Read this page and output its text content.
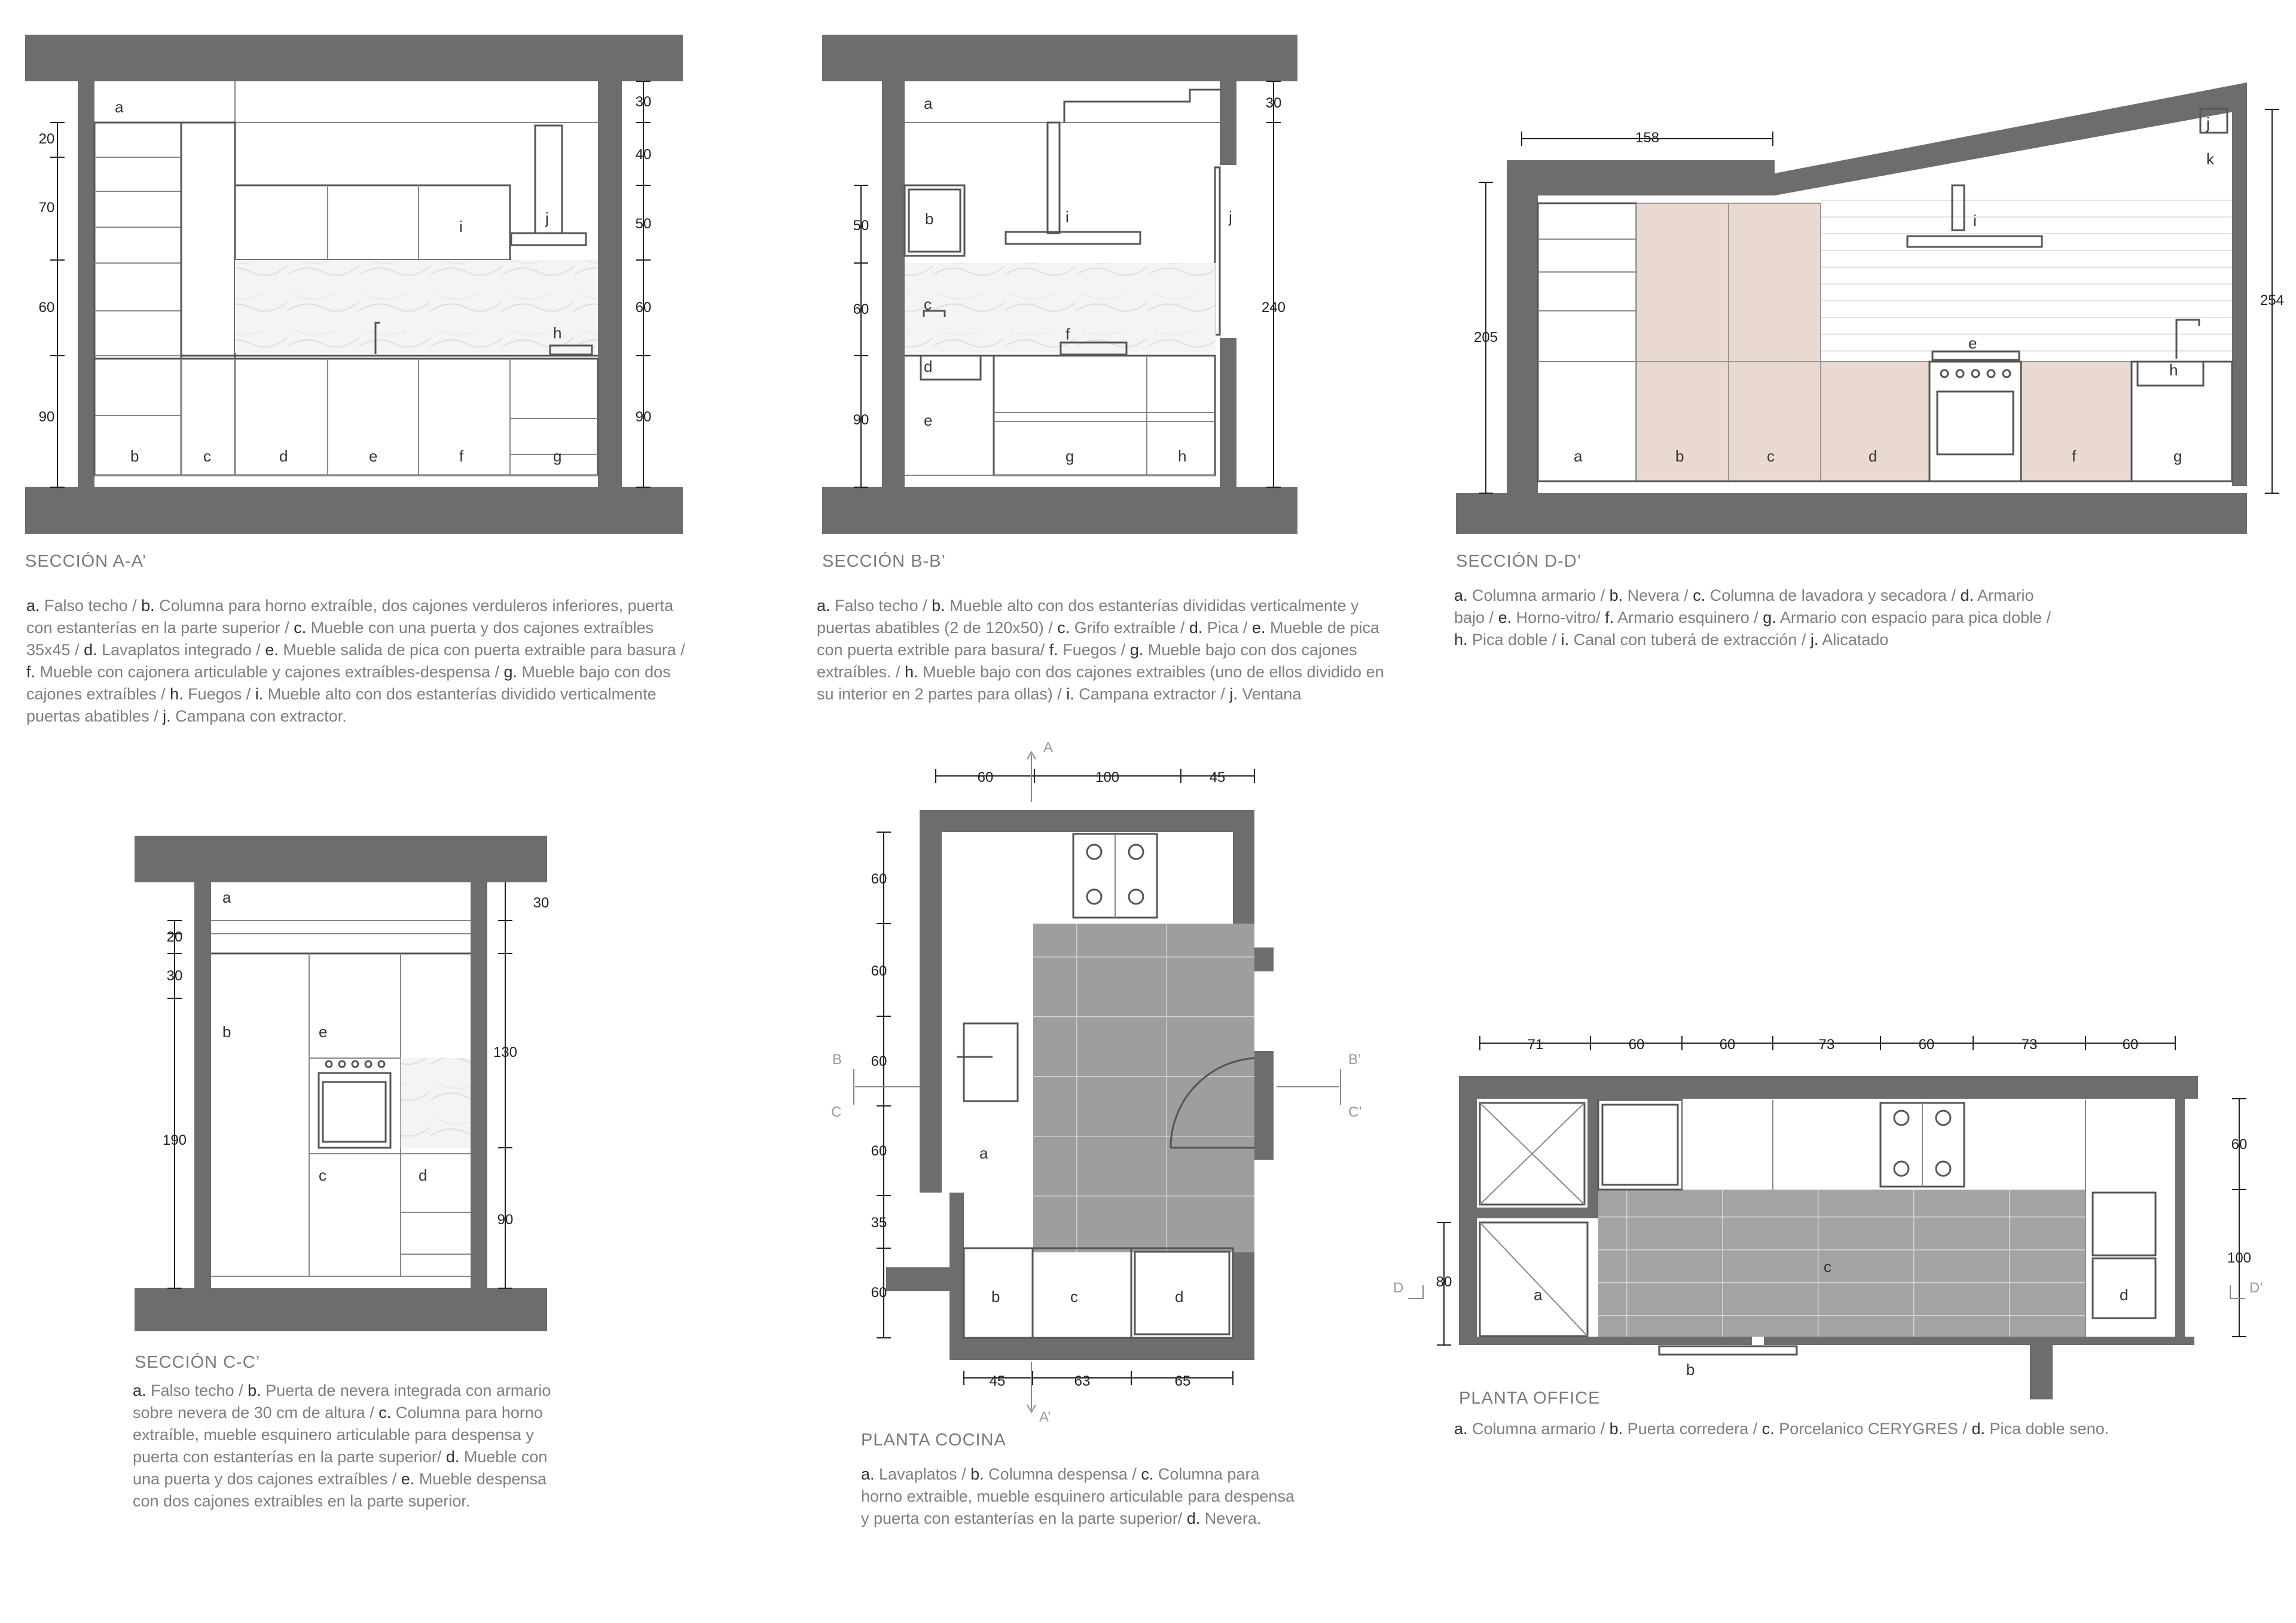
20
70
60
90
30
40
50
60
90
a
b	c	d	e	f	g
h
i	j
SECCIÓN A-A’
50
60
90
30
240
a
b
c
d
e
f
g	h
i	j
SECCIÓN B-B’
158
205
254
a	b	c	d
e
f	g
h
i
j
k
SECCIÓN D-D’
20
30
190
30
130
90
a
b
c	d
e
SECCIÓN C-C’
60	100	45
60
60
60
60
35
60
45	63	65
A
A’
B
C
B’
C’
a
b	c	d
PLANTA COCINA
71	60	60	73	60	73	60
80
60
100
D	D’
a
b
c
d
PLANTA OFFICE
a. Falso techo / b. Columna para horno extraíble, dos cajones verduleros inferiores, puerta con estanterías en la parte superior / c. Mueble con una puerta y dos cajones extraíbles 35x45 / d. Lavaplatos integrado / e. Mueble salida de pica con puerta extraible para basura / f. Mueble con cajonera articulable y cajones extraíbles-despensa / g. Mueble bajo con dos cajones extraíbles / h. Fuegos / i. Mueble alto con dos estanterías dividido verticalmente puertas abatibles / j. Campana con extractor.
a. Falso techo / b. Mueble alto con dos estanterías divididas verticalmente y puertas abatibles (2 de 120x50) / c. Grifo extraíble / d. Pica / e. Mueble de pica con puerta extrible para basura/ f. Fuegos / g. Mueble bajo con dos cajones extraíbles. / h. Mueble bajo con dos cajones extraibles (uno de ellos dividido en su interior en 2 partes para ollas) / i. Campana extractor / j. Ventana
a. Columna armario / b. Nevera / c. Columna de lavadora y secadora / d. Armario bajo / e. Horno-vitro/ f. Armario esquinero / g. Armario con espacio para pica doble / h. Pica doble / i. Canal con tuberá de extracción / j. Alicatado
a. Falso techo / b. Puerta de nevera integrada con armario sobre nevera de 30 cm de altura / c. Columna para horno extraíble, mueble esquinero articulable para despensa y puerta con estanterías en la parte superior/ d. Mueble con una puerta y dos cajones extraíbles / e. Mueble despensa con dos cajones extraibles en la parte superior.
a. Lavaplatos / b. Columna despensa / c. Columna para horno extraible, mueble esquinero articulable para despensa y puerta con estanterías en la parte superior/ d. Nevera.
a. Columna armario / b. Puerta corredera / c. Porcelanico CERYGRES / d. Pica doble seno.
